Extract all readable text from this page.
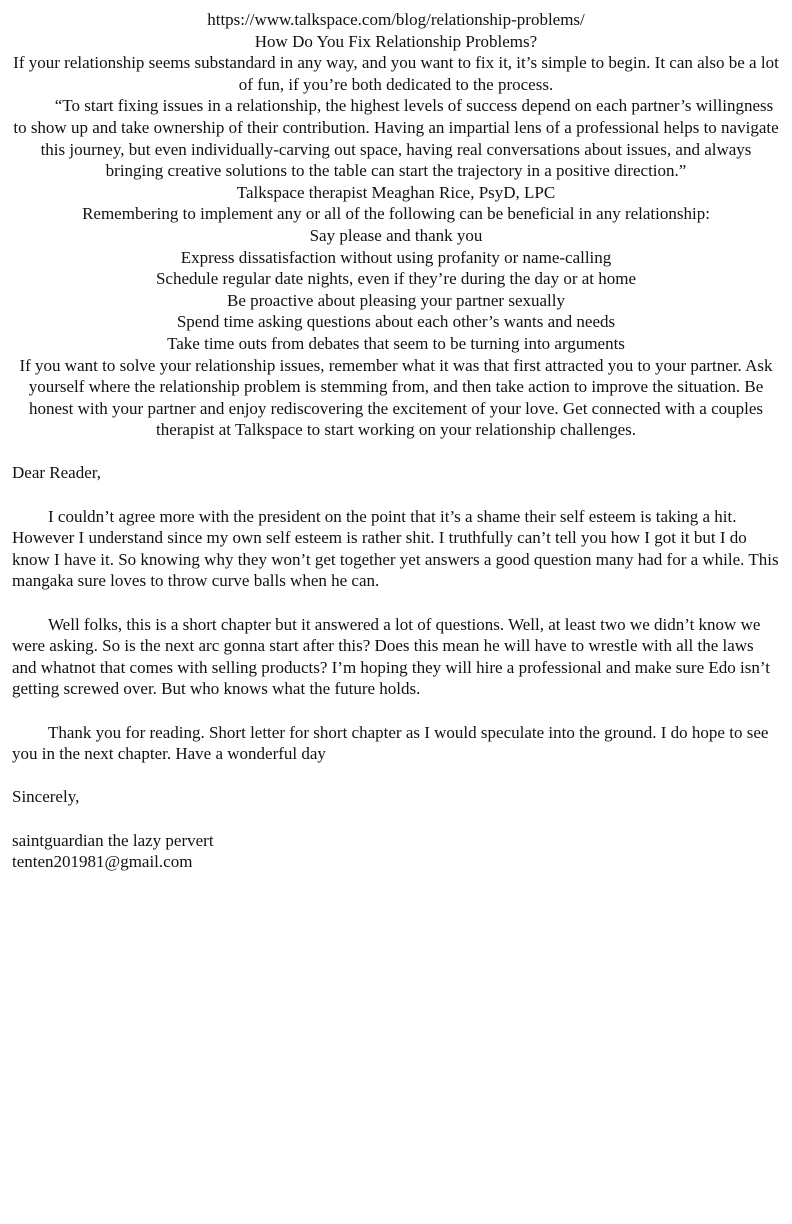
https://www.talkspace.com/blog/relationship-problems/

How Do You Fix Relationship Problems?

If your relationship seems substandard in any way, and you want to fix it, it’s simple to begin. It can also be a lot of fun, if you’re both dedicated to the process.

“To start fixing issues in a relationship, the highest levels of success depend on each partner’s willingness to show up and take ownership of their contribution. Having an impartial lens of a professional helps to navigate this journey, but even individually-carving out space, having real conversations about issues, and always bringing creative solutions to the table can start the trajectory in a positive direction.”

Talkspace therapist Meaghan Rice, PsyD, LPC

Remembering to implement any or all of the following can be beneficial in any relationship:

Say please and thank you

Express dissatisfaction without using profanity or name-calling

Schedule regular date nights, even if they’re during the day or at home

Be proactive about pleasing your partner sexually

Spend time asking questions about each other’s wants and needs

Take time outs from debates that seem to be turning into arguments

If you want to solve your relationship issues, remember what it was that first attracted you to your partner. Ask yourself where the relationship problem is stemming from, and then take action to improve the situation. Be honest with your partner and enjoy rediscovering the excitement of your love. Get connected with a couples therapist at Talkspace to start working on your relationship challenges.

Dear Reader,

I couldn’t agree more with the president on the point that it’s a shame their self esteem is taking a hit. However I understand since my own self esteem is rather shit. I truthfully can’t tell you how I got it but I do know I have it. So knowing why they won’t get together yet answers a good question many had for a while. This mangaka sure loves to throw curve balls when he can.

Well folks, this is a short chapter but it answered a lot of questions. Well, at least two we didn’t know we were asking. So is the next arc gonna start after this? Does this mean he will have to wrestle with all the laws and whatnot that comes with selling products? I’m hoping they will hire a professional and make sure Edo isn’t getting screwed over. But who knows what the future holds.

Thank you for reading. Short letter for short chapter as I would speculate into the ground. I do hope to see you in the next chapter. Have a wonderful day

Sincerely,

saintguardian the lazy pervert

tenten201981@gmail.com
